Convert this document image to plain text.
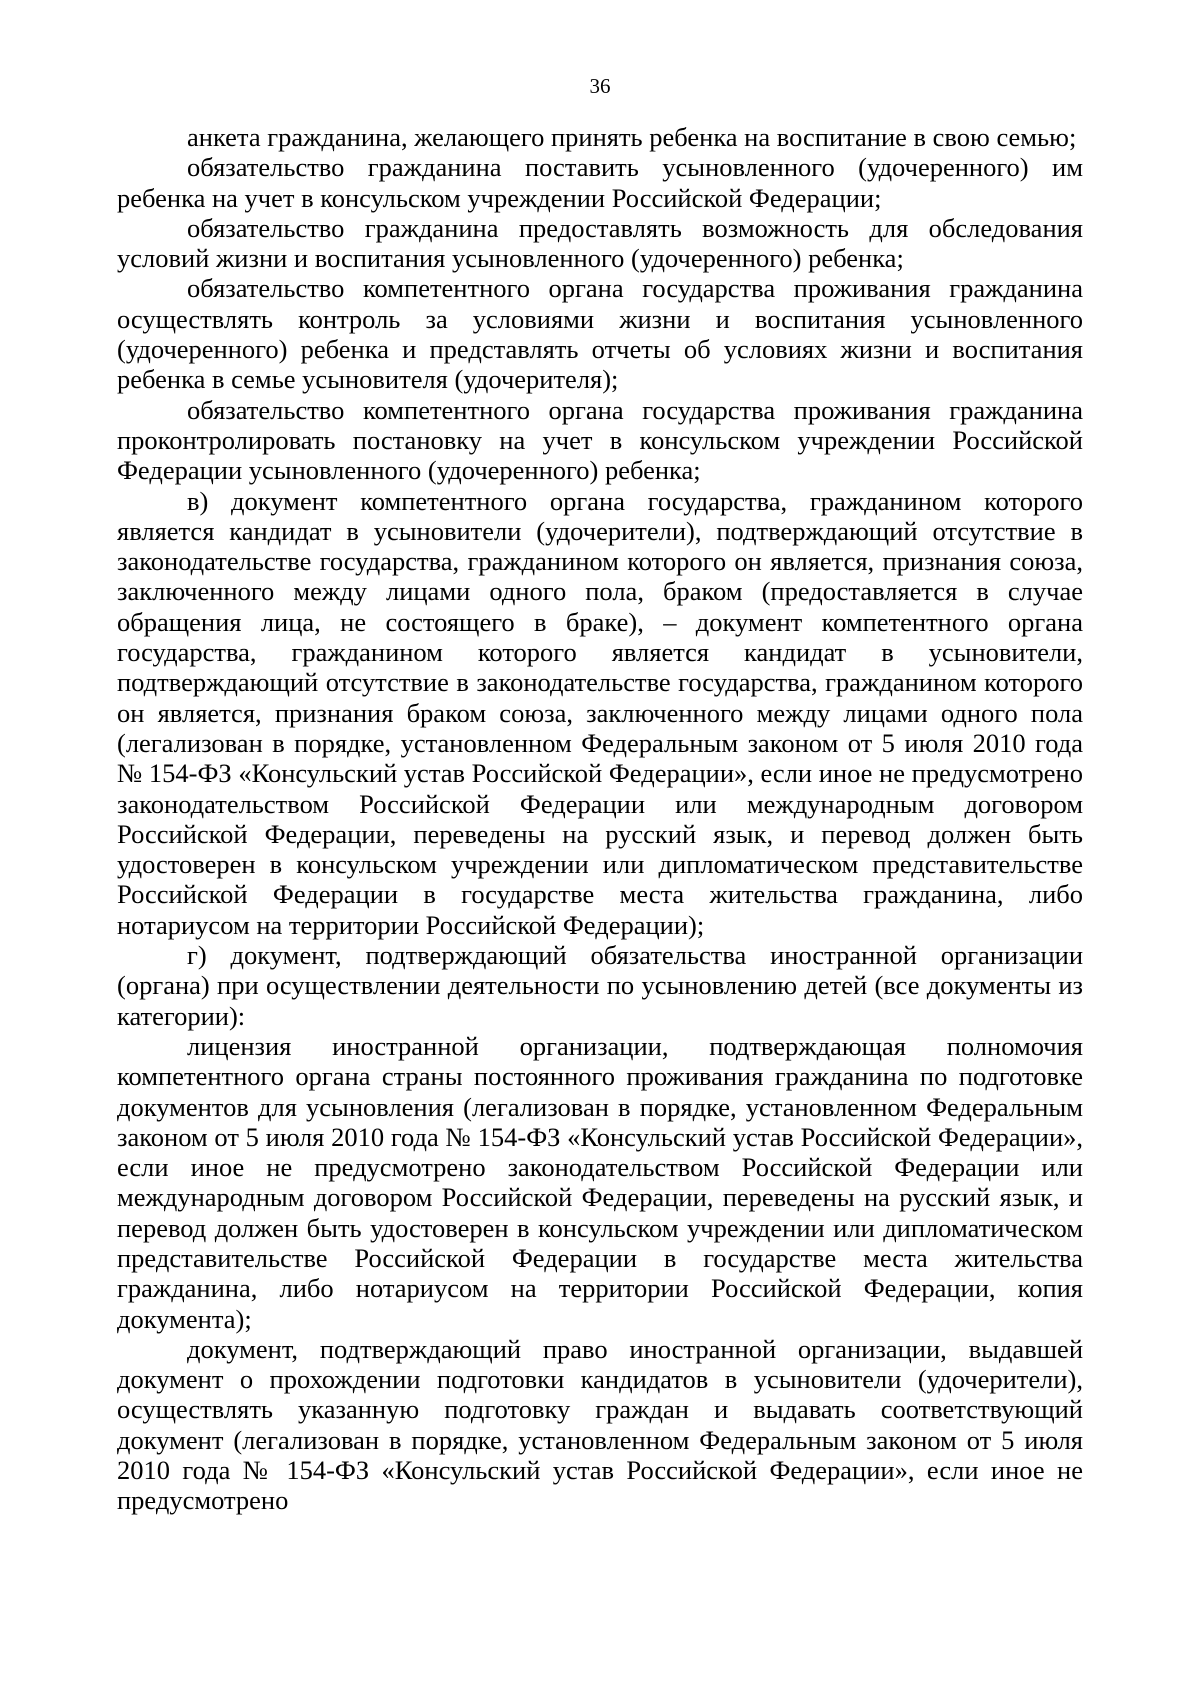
36

анкета гражданина, желающего принять ребенка на воспитание в свою семью;

обязательство гражданина поставить усыновленного (удочеренного) им ребенка на учет в консульском учреждении Российской Федерации;

обязательство гражданина предоставлять возможность для обследования условий жизни и воспитания усыновленного (удочеренного) ребенка;

обязательство компетентного органа государства проживания гражданина осуществлять контроль за условиями жизни и воспитания усыновленного (удочеренного) ребенка и представлять отчеты об условиях жизни и воспитания ребенка в семье усыновителя (удочерителя);

обязательство компетентного органа государства проживания гражданина проконтролировать постановку на учет в консульском учреждении Российской Федерации усыновленного (удочеренного) ребенка;

в) документ компетентного органа государства, гражданином которого является кандидат в усыновители (удочерители), подтверждающий отсутствие в законодательстве государства, гражданином которого он является, признания союза, заключенного между лицами одного пола, браком (предоставляется в случае обращения лица, не состоящего в браке), – документ компетентного органа государства, гражданином которого является кандидат в усыновители, подтверждающий отсутствие в законодательстве государства, гражданином которого он является, признания браком союза, заключенного между лицами одного пола (легализован в порядке, установленном Федеральным законом от 5 июля 2010 года № 154-ФЗ «Консульский устав Российской Федерации», если иное не предусмотрено законодательством Российской Федерации или международным договором Российской Федерации, переведены на русский язык, и перевод должен быть удостоверен в консульском учреждении или дипломатическом представительстве Российской Федерации в государстве места жительства гражданина, либо нотариусом на территории Российской Федерации);

г) документ, подтверждающий обязательства иностранной организации (органа) при осуществлении деятельности по усыновлению детей (все документы из категории):

лицензия иностранной организации, подтверждающая полномочия компетентного органа страны постоянного проживания гражданина по подготовке документов для усыновления (легализован в порядке, установленном Федеральным законом от 5 июля 2010 года № 154-ФЗ «Консульский устав Российской Федерации», если иное не предусмотрено законодательством Российской Федерации или международным договором Российской Федерации, переведены на русский язык, и перевод должен быть удостоверен в консульском учреждении или дипломатическом представительстве Российской Федерации в государстве места жительства гражданина, либо нотариусом на территории Российской Федерации, копия документа);

документ, подтверждающий право иностранной организации, выдавшей документ о прохождении подготовки кандидатов в усыновители (удочерители), осуществлять указанную подготовку граждан и выдавать соответствующий документ (легализован в порядке, установленном Федеральным законом от 5 июля 2010 года № 154-ФЗ «Консульский устав Российской Федерации», если иное не предусмотрено
